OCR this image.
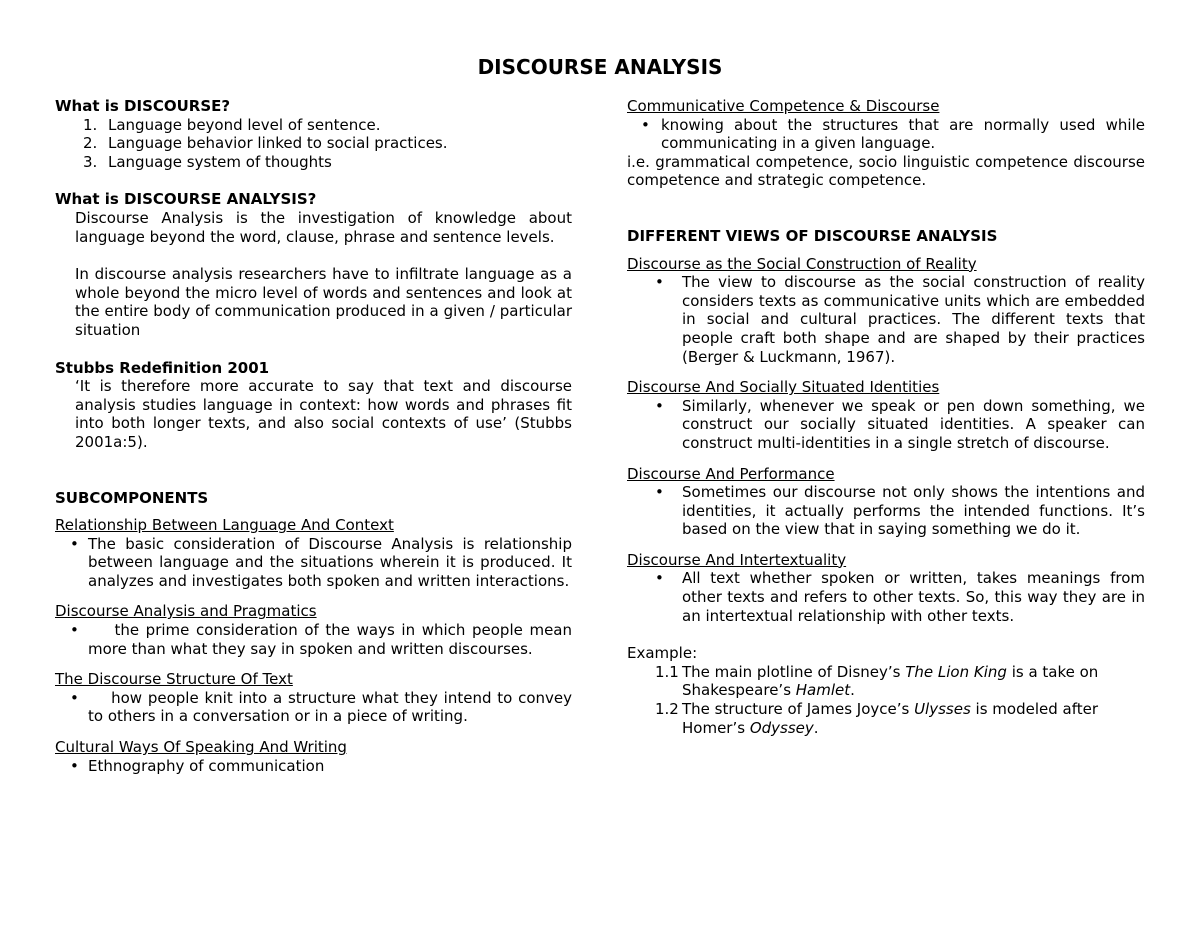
DISCOURSE ANALYSIS

What is DISCOURSE?

1. Language beyond level of sentence.
2. Language behavior linked to social practices.
3. Language system of thoughts

What is DISCOURSE ANALYSIS?

Discourse Analysis is the investigation of knowledge about language beyond the word, clause, phrase and sentence levels.

In discourse analysis researchers have to infiltrate language as a whole beyond the micro level of words and sentences and look at the entire body of communication produced in a given / particular situation

Stubbs Redefinition 2001

‘It is therefore more accurate to say that text and discourse analysis studies language in context: how words and phrases fit into both longer texts, and also social contexts of use’ (Stubbs 2001a:5).

SUBCOMPONENTS

Relationship Between Language And Context

• The basic consideration of Discourse Analysis is relationship between language and the situations wherein it is produced. It analyzes and investigates both spoken and written interactions.

Discourse Analysis and Pragmatics

• the prime consideration of the ways in which people mean more than what they say in spoken and written discourses.

The Discourse Structure Of Text

• how people knit into a structure what they intend to convey to others in a conversation or in a piece of writing.

Cultural Ways Of Speaking And Writing

• Ethnography of communication

Communicative Competence & Discourse

• knowing about the structures that are normally used while communicating in a given language.

i.e. grammatical competence, socio linguistic competence discourse competence and strategic competence.

DIFFERENT VIEWS OF DISCOURSE ANALYSIS

Discourse as the Social Construction of Reality

• The view to discourse as the social construction of reality considers texts as communicative units which are embedded in social and cultural practices. The different texts that people craft both shape and are shaped by their practices (Berger & Luckmann, 1967).

Discourse And Socially Situated Identities

• Similarly, whenever we speak or pen down something, we construct our socially situated identities. A speaker can construct multi-identities in a single stretch of discourse.

Discourse And Performance

• Sometimes our discourse not only shows the intentions and identities, it actually performs the intended functions. It’s based on the view that in saying something we do it.

Discourse And Intertextuality

• All text whether spoken or written, takes meanings from other texts and refers to other texts. So, this way they are in an intertextual relationship with other texts.

Example:

1.1 The main plotline of Disney’s The Lion King is a take on Shakespeare’s Hamlet.
1.2 The structure of James Joyce’s Ulysses is modeled after Homer’s Odyssey.
